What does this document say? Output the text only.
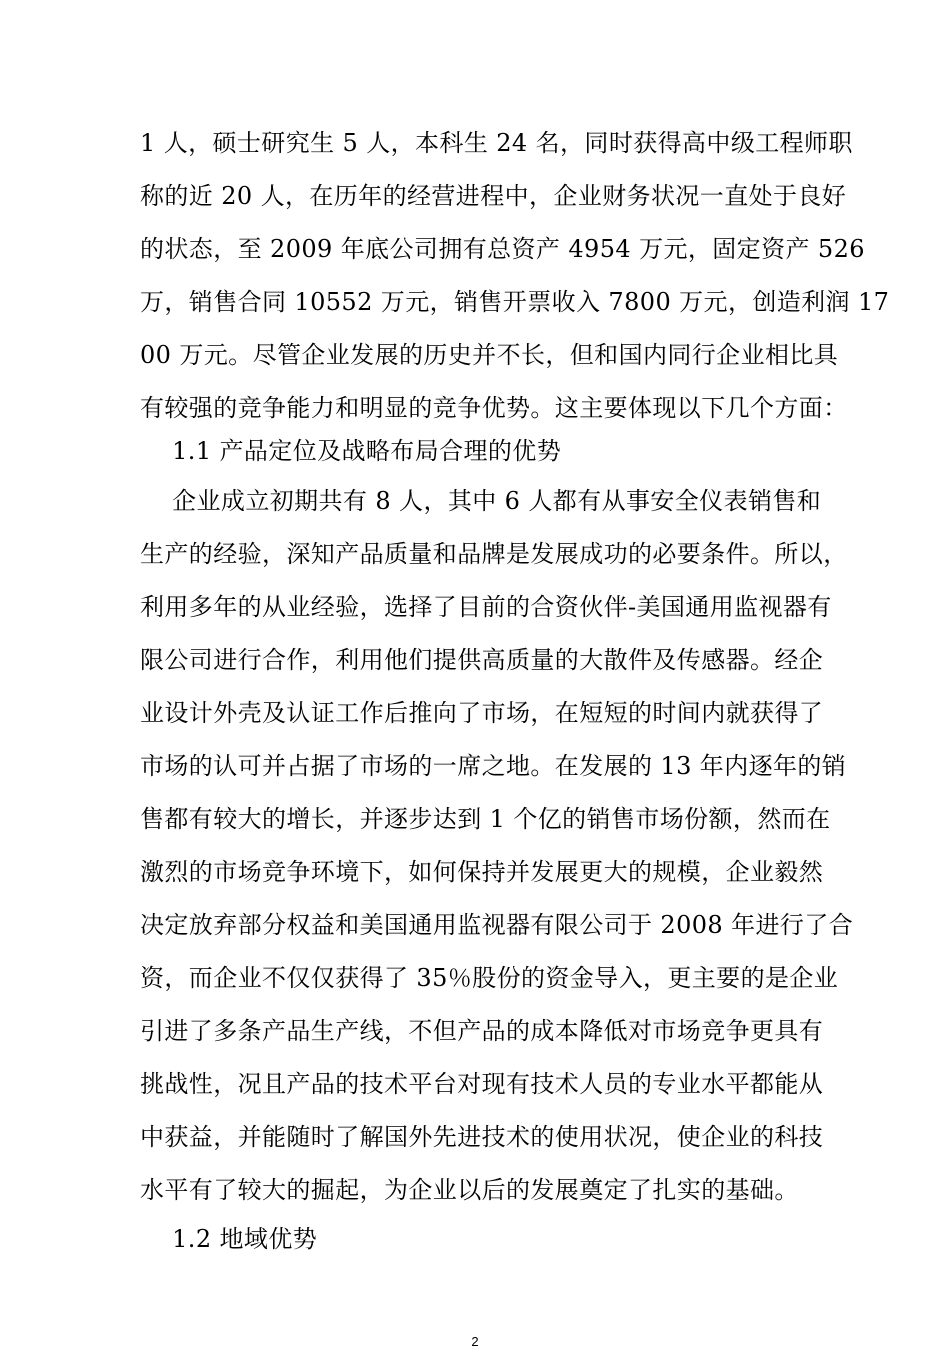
1 人，硕士研究生 5 人，本科生 24 名，同时获得高中级工程师职
称的近 20 人，在历年的经营进程中，企业财务状况一直处于良好
的状态，至 2009 年底公司拥有总资产 4954 万元，固定资产 526
万，销售合同 10552 万元，销售开票收入 7800 万元，创造利润 17
00 万元。尽管企业发展的历史并不长，但和国内同行企业相比具
有较强的竞争能力和明显的竞争优势。这主要体现以下几个方面：
1.1 产品定位及战略布局合理的优势
企业成立初期共有 8 人，其中 6 人都有从事安全仪表销售和
生产的经验，深知产品质量和品牌是发展成功的必要条件。所以，
利用多年的从业经验，选择了目前的合资伙伴-美国通用监视器有
限公司进行合作，利用他们提供高质量的大散件及传感器。经企
业设计外壳及认证工作后推向了市场，在短短的时间内就获得了
市场的认可并占据了市场的一席之地。在发展的 13 年内逐年的销
售都有较大的增长，并逐步达到 1 个亿的销售市场份额，然而在
激烈的市场竞争环境下，如何保持并发展更大的规模，企业毅然
决定放弃部分权益和美国通用监视器有限公司于 2008 年进行了合
资，而企业不仅仅获得了 35％股份的资金导入，更主要的是企业
引进了多条产品生产线，不但产品的成本降低对市场竞争更具有
挑战性，况且产品的技术平台对现有技术人员的专业水平都能从
中获益，并能随时了解国外先进技术的使用状况，使企业的科技
水平有了较大的掘起，为企业以后的发展奠定了扎实的基础。
1.2 地域优势
2
